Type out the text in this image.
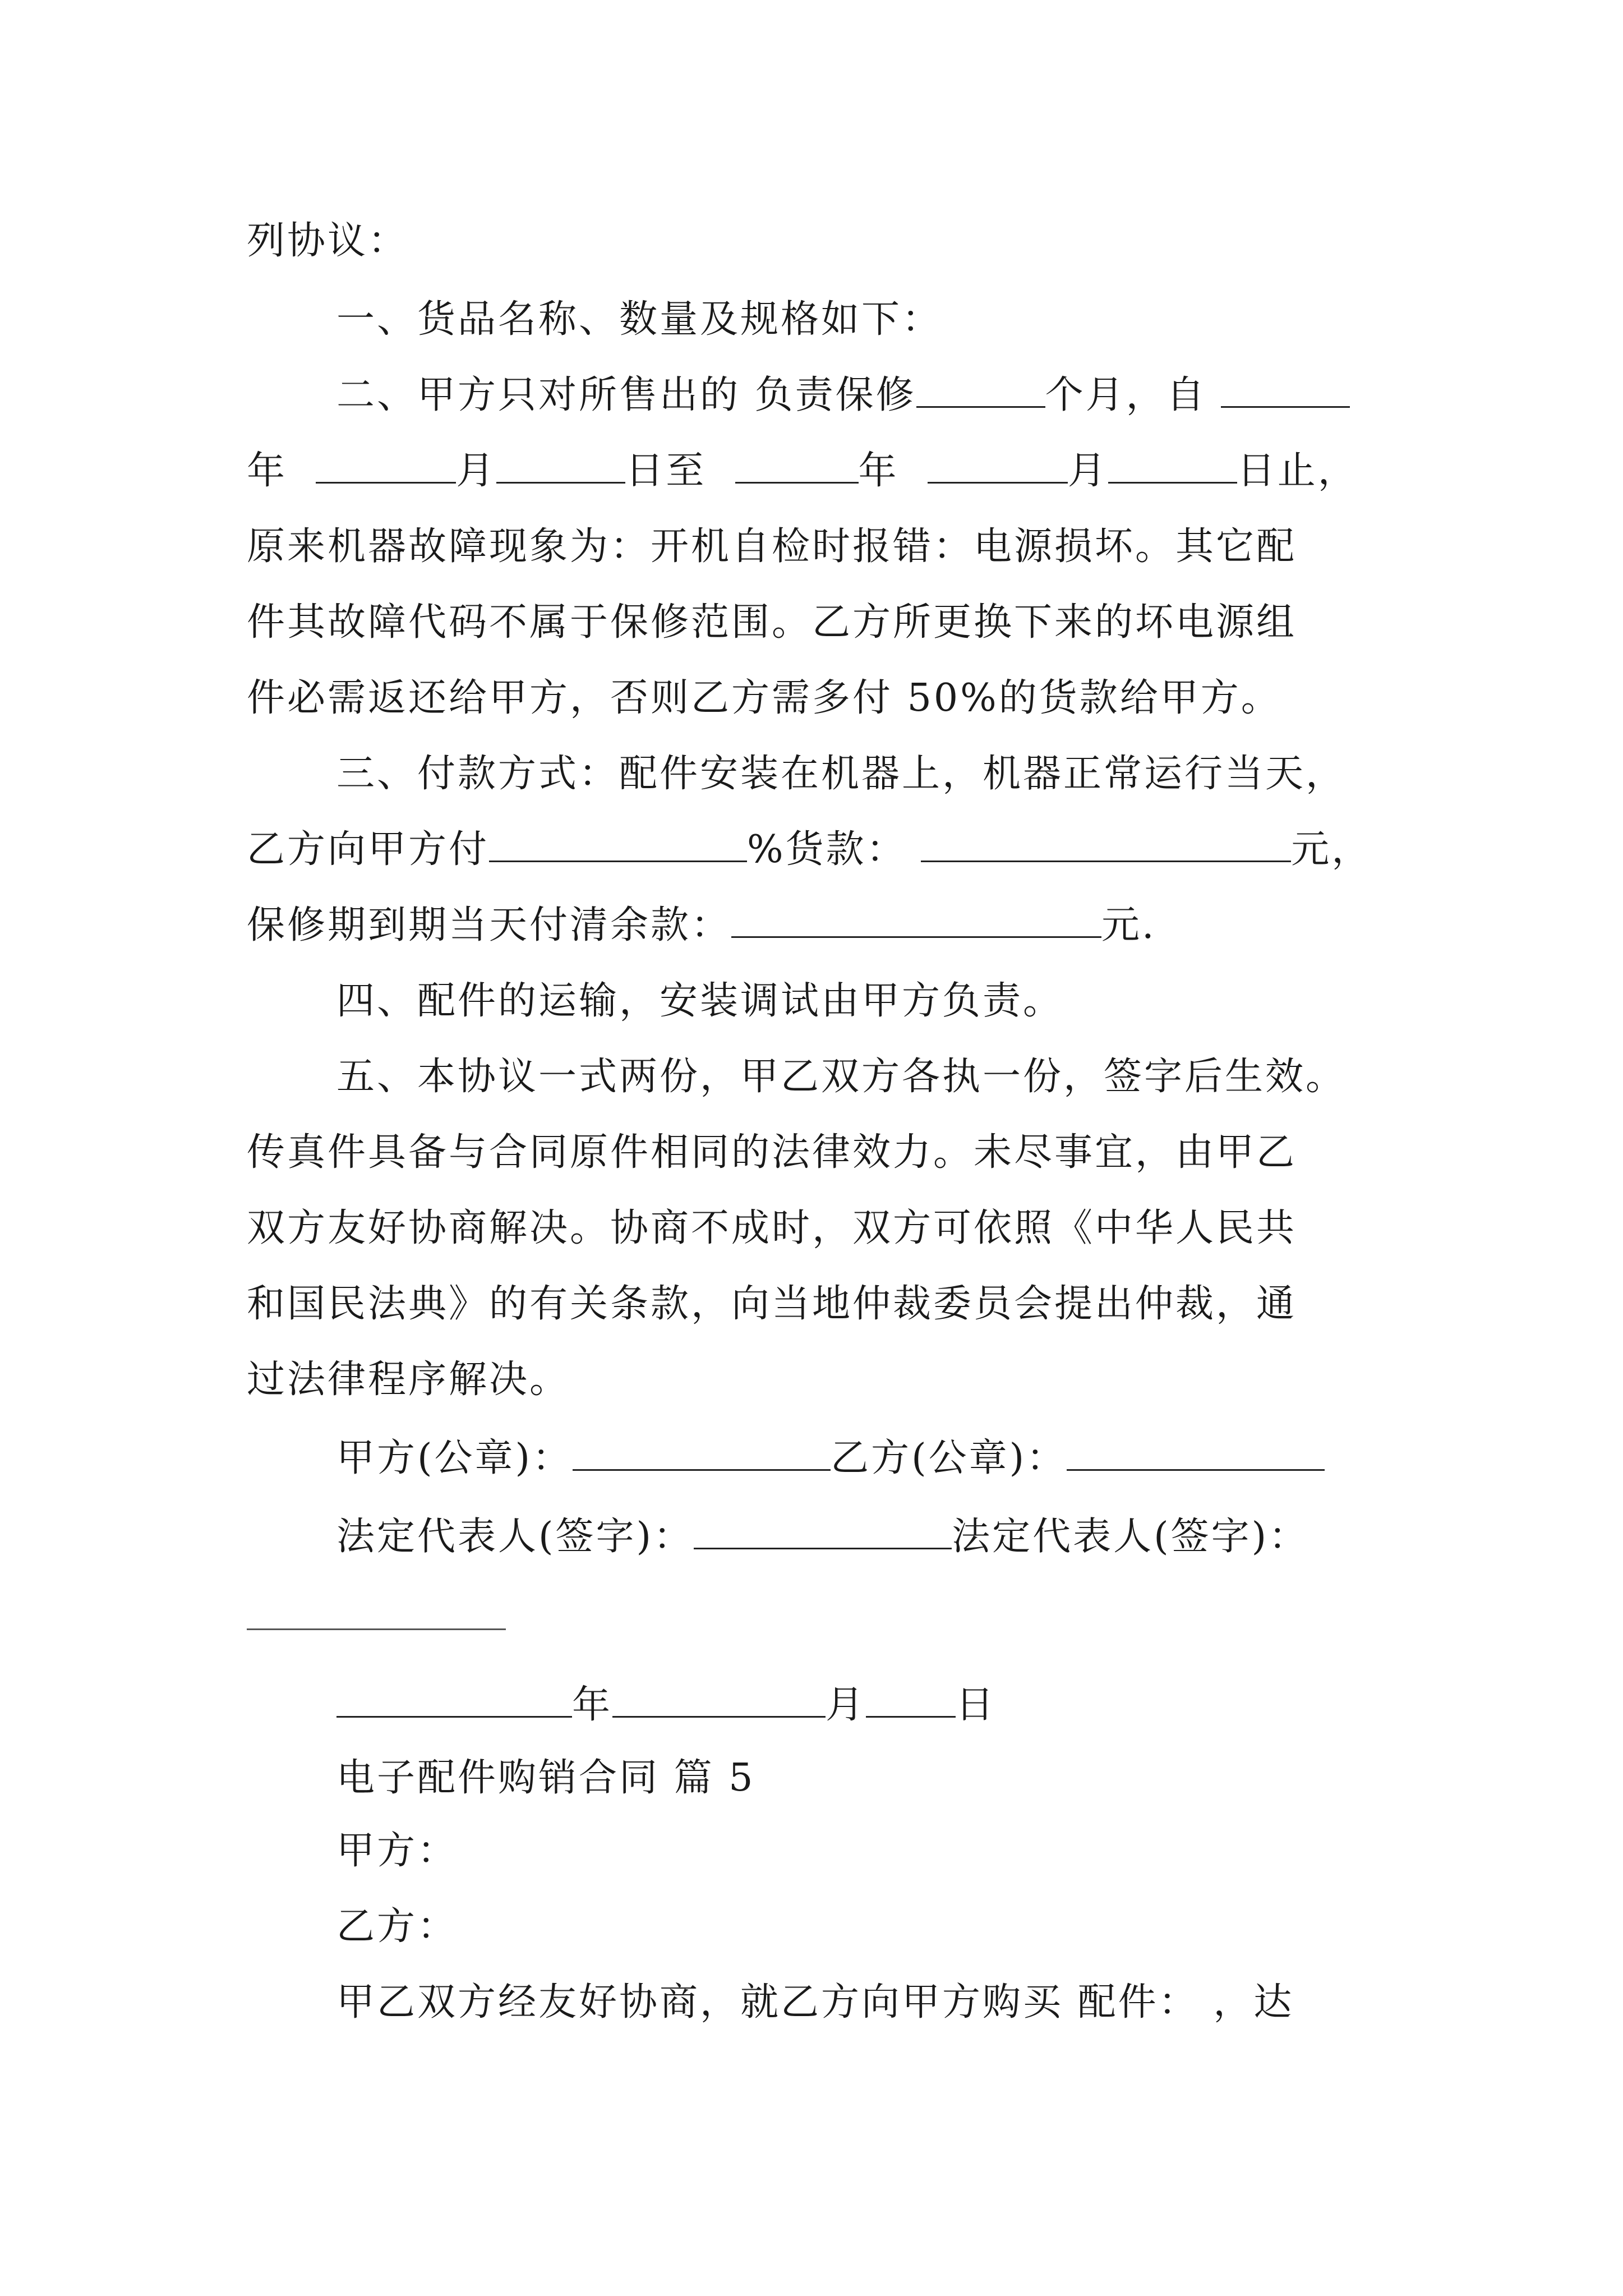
列协议：
一、货品名称、数量及规格如下：
二、甲方只对所售出的 负责保修	个月，自
年	月	日至	年	月	日止，
原来机器故障现象为：开机自检时报错：电源损坏。其它配
件其故障代码不属于保修范围。乙方所更换下来的坏电源组
件必需返还给甲方，否则乙方需多付 50%的货款给甲方。
三、付款方式：配件安装在机器上，机器正常运行当天，
乙方向甲方付	%货款：	元，
保修期到期当天付清余款：	元.
四、配件的运输，安装调试由甲方负责。
五、本协议一式两份，甲乙双方各执一份，签字后生效。
传真件具备与合同原件相同的法律效力。未尽事宜，由甲乙
双方友好协商解决。协商不成时，双方可依照《中华人民共
和国民法典》的有关条款，向当地仲裁委员会提出仲裁，通
过法律程序解决。
甲方(公章)：	乙方(公章)：
法定代表人(签字)：	法定代表人(签字)：
年	月 日
电子配件购销合同 篇 5
甲方：
乙方：
甲乙双方经友好协商，就乙方向甲方购买 配件： ，达
